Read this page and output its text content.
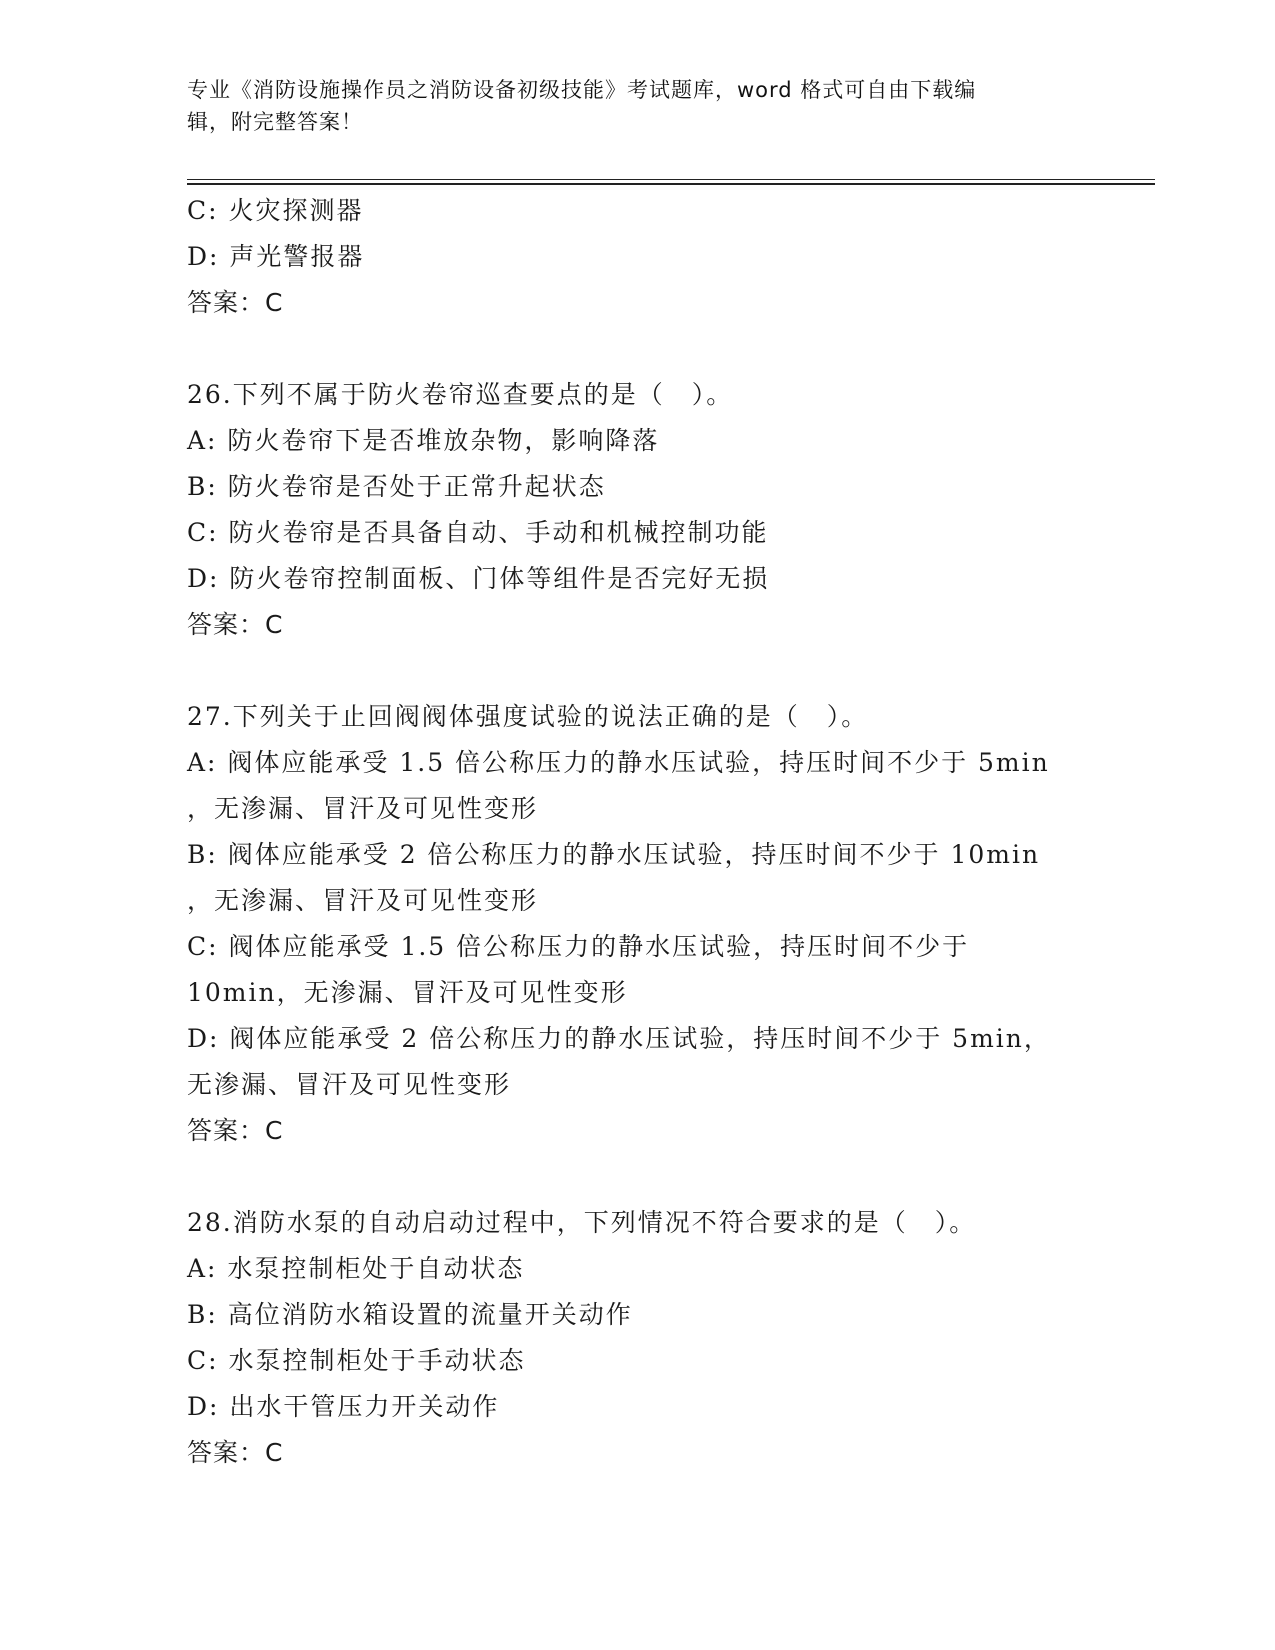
专业《消防设施操作员之消防设备初级技能》考试题库，word 格式可自由下载编
辑，附完整答案！
C: 火灾探测器
D: 声光警报器
答案：C
26.下列不属于防火卷帘巡查要点的是（　）。
A: 防火卷帘下是否堆放杂物，影响降落
B: 防火卷帘是否处于正常升起状态
C: 防火卷帘是否具备自动、手动和机械控制功能
D: 防火卷帘控制面板、门体等组件是否完好无损
答案：C
27.下列关于止回阀阀体强度试验的说法正确的是（　）。
A: 阀体应能承受 1.5 倍公称压力的静水压试验，持压时间不少于 5min
，无渗漏、冒汗及可见性变形
B: 阀体应能承受 2 倍公称压力的静水压试验，持压时间不少于 10min
，无渗漏、冒汗及可见性变形
C: 阀体应能承受 1.5 倍公称压力的静水压试验，持压时间不少于
10min，无渗漏、冒汗及可见性变形
D: 阀体应能承受 2 倍公称压力的静水压试验，持压时间不少于 5min，
无渗漏、冒汗及可见性变形
答案：C
28.消防水泵的自动启动过程中，下列情况不符合要求的是（　）。
A: 水泵控制柜处于自动状态
B: 高位消防水箱设置的流量开关动作
C: 水泵控制柜处于手动状态
D: 出水干管压力开关动作
答案：C
